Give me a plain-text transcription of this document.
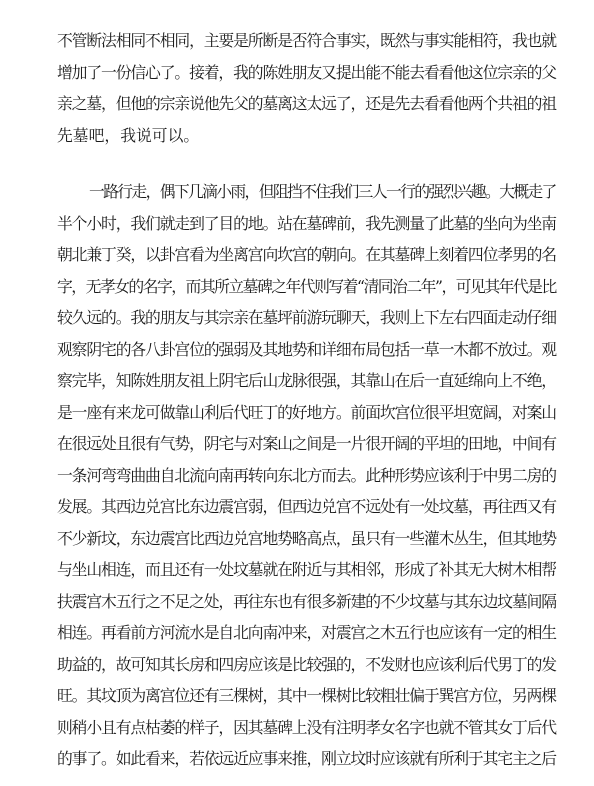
不管断法相同不相同，主要是所断是否符合事实，既然与事实能相符，我也就
增加了一份信心了。接着，我的陈姓朋友又提出能不能去看看他这位宗亲的父
亲之墓，但他的宗亲说他先父的墓离这太远了，还是先去看看他两个共祖的祖
先墓吧，我说可以。
一路行走，偶下几滴小雨，但阻挡不住我们三人一行的强烈兴趣。大概走了
半个小时，我们就走到了目的地。站在墓碑前，我先测量了此墓的坐向为坐南
朝北兼丁癸，以卦宫看为坐离宫向坎宫的朝向。在其墓碑上刻着四位孝男的名
字，无孝女的名字，而其所立墓碑之年代则写着“清同治二年”，可见其年代是比
较久远的。我的朋友与其宗亲在墓坪前游玩聊天，我则上下左右四面走动仔细
观察阴宅的各八卦宫位的强弱及其地势和详细布局包括一草一木都不放过。观
察完毕，知陈姓朋友祖上阴宅后山龙脉很强，其靠山在后一直延绵向上不绝，
是一座有来龙可做靠山利后代旺丁的好地方。前面坎宫位很平坦宽阔，对案山
在很远处且很有气势，阴宅与对案山之间是一片很开阔的平坦的田地，中间有
一条河弯弯曲曲自北流向南再转向东北方而去。此种形势应该利于中男二房的
发展。其西边兑宫比东边震宫弱，但西边兑宫不远处有一处坟墓，再往西又有
不少新坟，东边震宫比西边兑宫地势略高点，虽只有一些灌木丛生，但其地势
与坐山相连，而且还有一处坟墓就在附近与其相邻，形成了补其无大树木相帮
扶震宫木五行之不足之处，再往东也有很多新建的不少坟墓与其东边坟墓间隔
相连。再看前方河流水是自北向南冲来，对震宫之木五行也应该有一定的相生
助益的，故可知其长房和四房应该是比较强的，不发财也应该利后代男丁的发
旺。其坟顶为离宫位还有三棵树，其中一棵树比较粗壮偏于巽宫方位，另两棵
则稍小且有点枯萎的样子，因其墓碑上没有注明孝女名字也就不管其女丁后代
的事了。如此看来，若依远近应事来推，刚立坟时应该就有所利于其宅主之后
